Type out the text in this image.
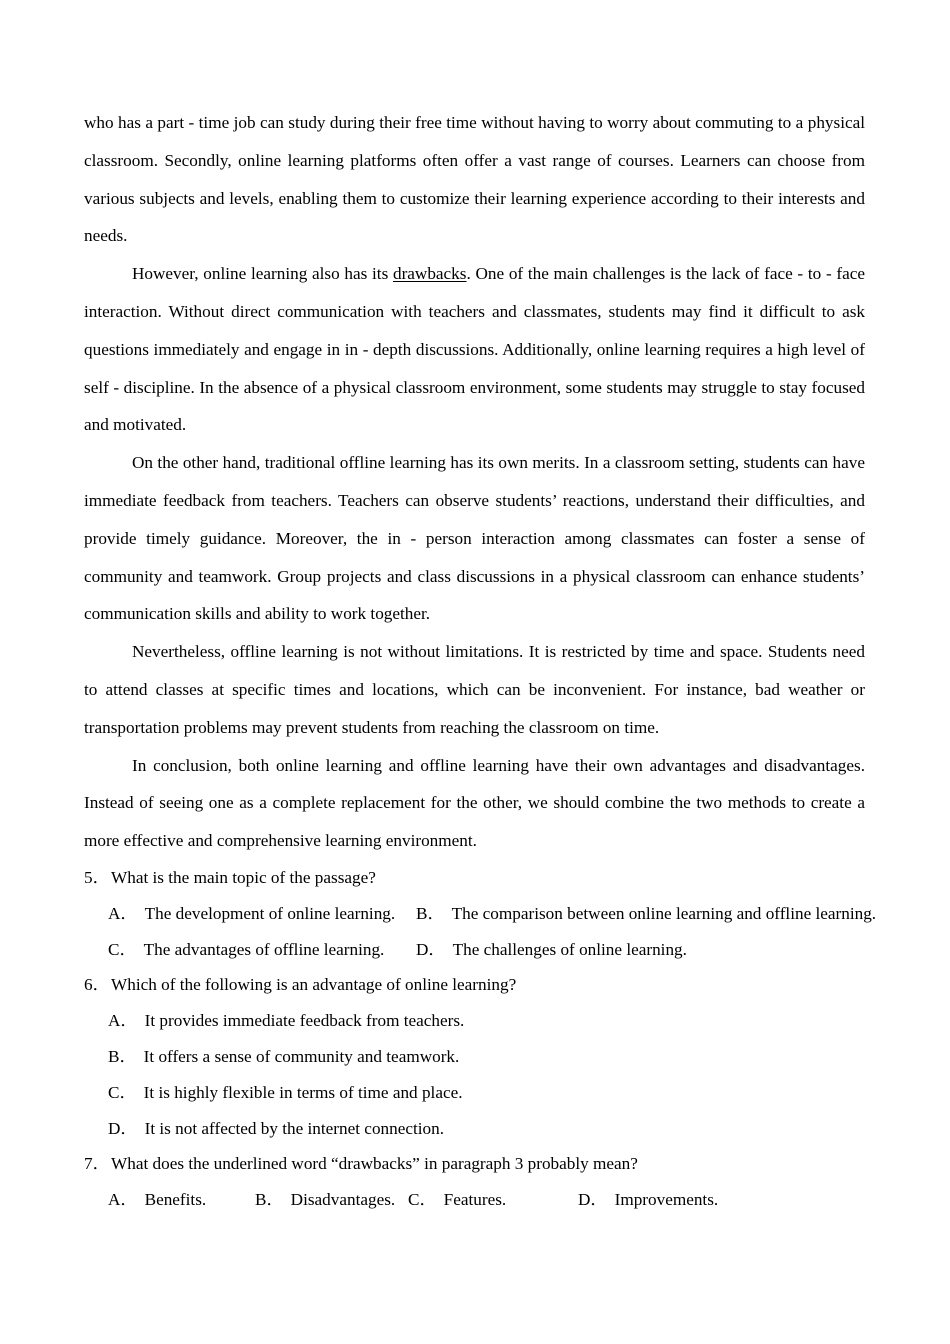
who has a part - time job can study during their free time without having to worry about commuting to a physical classroom. Secondly, online learning platforms often offer a vast range of courses. Learners can choose from various subjects and levels, enabling them to customize their learning experience according to their interests and needs.

However, online learning also has its drawbacks. One of the main challenges is the lack of face - to - face interaction. Without direct communication with teachers and classmates, students may find it difficult to ask questions immediately and engage in in - depth discussions. Additionally, online learning requires a high level of self - discipline. In the absence of a physical classroom environment, some students may struggle to stay focused and motivated.

On the other hand, traditional offline learning has its own merits. In a classroom setting, students can have immediate feedback from teachers. Teachers can observe students’ reactions, understand their difficulties, and provide timely guidance. Moreover, the in - person interaction among classmates can foster a sense of community and teamwork. Group projects and class discussions in a physical classroom can enhance students’ communication skills and ability to work together.

Nevertheless, offline learning is not without limitations. It is restricted by time and space. Students need to attend classes at specific times and locations, which can be inconvenient. For instance, bad weather or transportation problems may prevent students from reaching the classroom on time.

In conclusion, both online learning and offline learning have their own advantages and disadvantages. Instead of seeing one as a complete replacement for the other, we should combine the two methods to create a more effective and comprehensive learning environment.

5．What is the main topic of the passage?
A． The development of online learning. B． The comparison between online learning and offline learning.
C． The advantages of offline learning. D． The challenges of online learning.
6．Which of the following is an advantage of online learning?
A． It provides immediate feedback from teachers.
B． It offers a sense of community and teamwork.
C． It is highly flexible in terms of time and place.
D． It is not affected by the internet connection.
7．What does the underlined word “drawbacks” in paragraph 3 probably mean?
A． Benefits.	B． Disadvantages. C． Features.	D． Improvements.
